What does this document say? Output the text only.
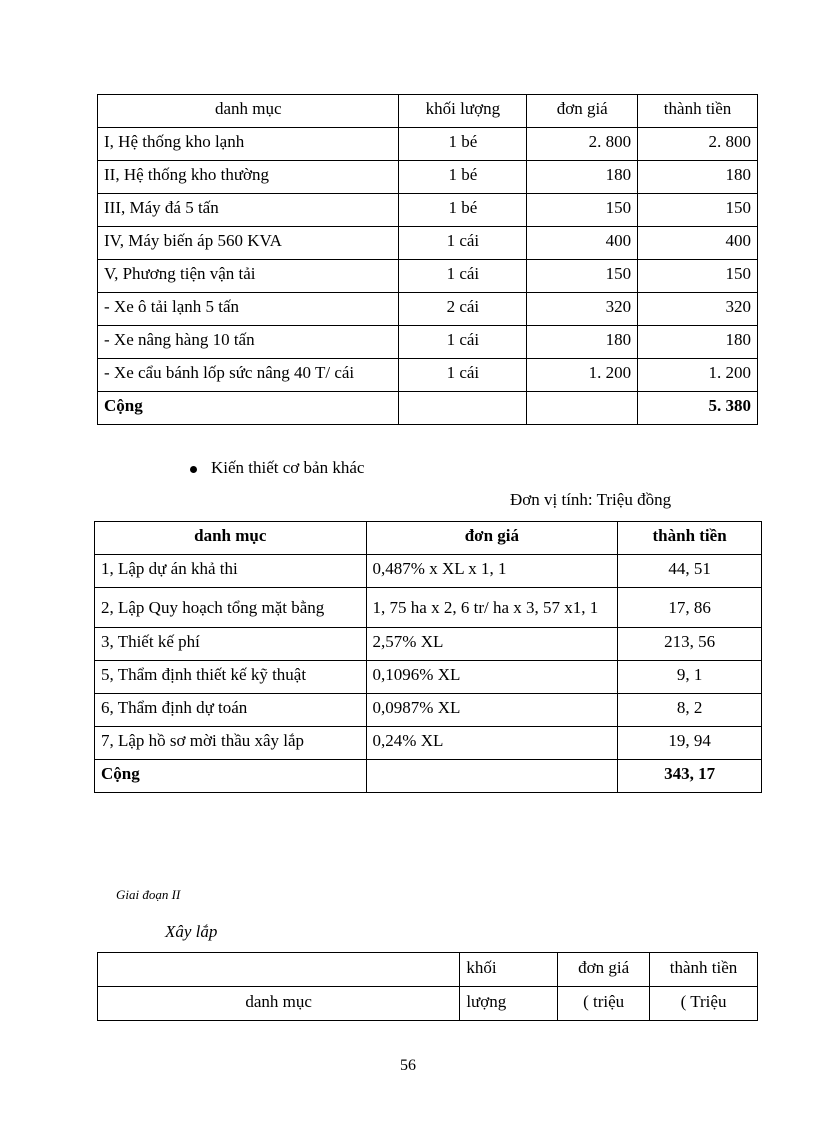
danh mục	khối lượng	đơn giá	thành tiền
I, Hệ thống kho lạnh	1 bé	2. 800	2. 800
II, Hệ thống kho thường	1 bé	180	180
III, Máy đá 5 tấn	1 bé	150	150
IV, Máy biến áp 560 KVA	1 cái	400	400
V, Phương tiện vận tải	1 cái	150	150
- Xe ô tải lạnh 5 tấn	2 cái	320	320
- Xe nâng hàng 10 tấn	1 cái	180	180
- Xe cẩu bánh lốp sức nâng 40 T/ cái	1 cái	1. 200	1. 200
Cộng			5. 380
Kiến thiết cơ bản khác
Đơn vị tính: Triệu đồng
danh mục	đơn giá	thành tiền
1, Lập dự án khả thi	0,487% x XL x 1, 1	44, 51
2, Lập Quy hoạch tổng mặt bằng	1, 75 ha x 2, 6 tr/ ha x 3, 57 x1, 1	17, 86
3, Thiết kế phí	2,57% XL	213, 56
5, Thẩm định thiết kế kỹ thuật	0,1096% XL	9, 1
6, Thẩm định dự toán	0,0987% XL	8, 2
7, Lập hồ sơ mời thầu xây lắp	0,24% XL	19, 94
Cộng		343, 17
Giai đoạn II
Xây lắp
	khối	đơn giá	thành tiền
danh mục	lượng	( triệu	( Triệu
56
